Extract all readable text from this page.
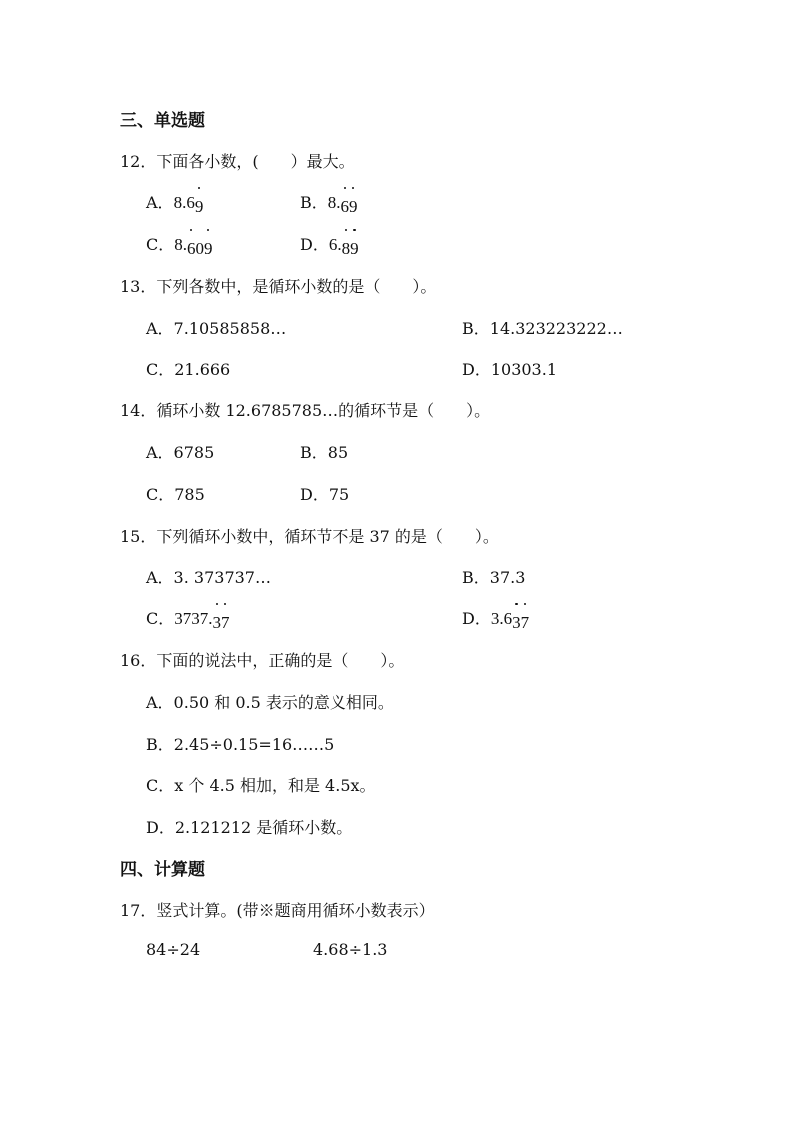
三、单选题
12．下面各小数，(　　）最大。
A．8.69	B．8.69
C．8.609	D．6.89
13．下列各数中，是循环小数的是（　　）。
A．7.10585858…	B．14.323223222…
C．21.666	D．10303.1
14．循环小数 12.6785785…的循环节是（　　）。
A．6785	B．85
C．785	D．75
15．下列循环小数中，循环节不是 37 的是（　　）。
A．3. 373737…	B．37.3
C．3737.37	D．3.637
16．下面的说法中，正确的是（　　）。
A．0.50 和 0.5 表示的意义相同。
B．2.45÷0.15=16……5
C．x 个 4.5 相加，和是 4.5x。
D．2.121212 是循环小数。
四、计算题
17．竖式计算。(带※题商用循环小数表示）
84÷24	4.68÷1.3
